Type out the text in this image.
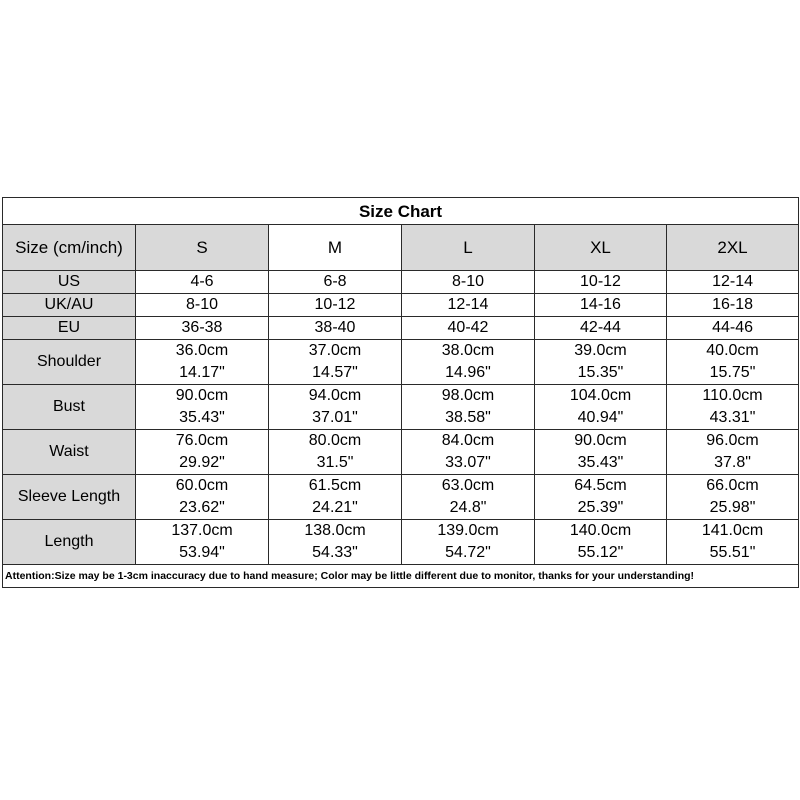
Size Chart					
Size (cm/inch)	S	M	L	XL	2XL
US	4-6	6-8	8-10	10-12	12-14
UK/AU	8-10	10-12	12-14	14-16	16-18
EU	36-38	38-40	40-42	42-44	44-46
Shoulder	36.0cm	37.0cm	38.0cm	39.0cm	40.0cm
	14.17"	14.57"	14.96"	15.35"	15.75"
Bust	90.0cm	94.0cm	98.0cm	104.0cm	110.0cm
	35.43"	37.01"	38.58"	40.94"	43.31"
Waist	76.0cm	80.0cm	84.0cm	90.0cm	96.0cm
	29.92"	31.5"	33.07"	35.43"	37.8"
Sleeve Length	60.0cm	61.5cm	63.0cm	64.5cm	66.0cm
	23.62"	24.21"	24.8"	25.39"	25.98"
Length	137.0cm	138.0cm	139.0cm	140.0cm	141.0cm
	53.94"	54.33"	54.72"	55.12"	55.51"
Attention:Size may be 1-3cm inaccuracy due to hand measure; Color may be little different due to monitor, thanks for your understanding!					
